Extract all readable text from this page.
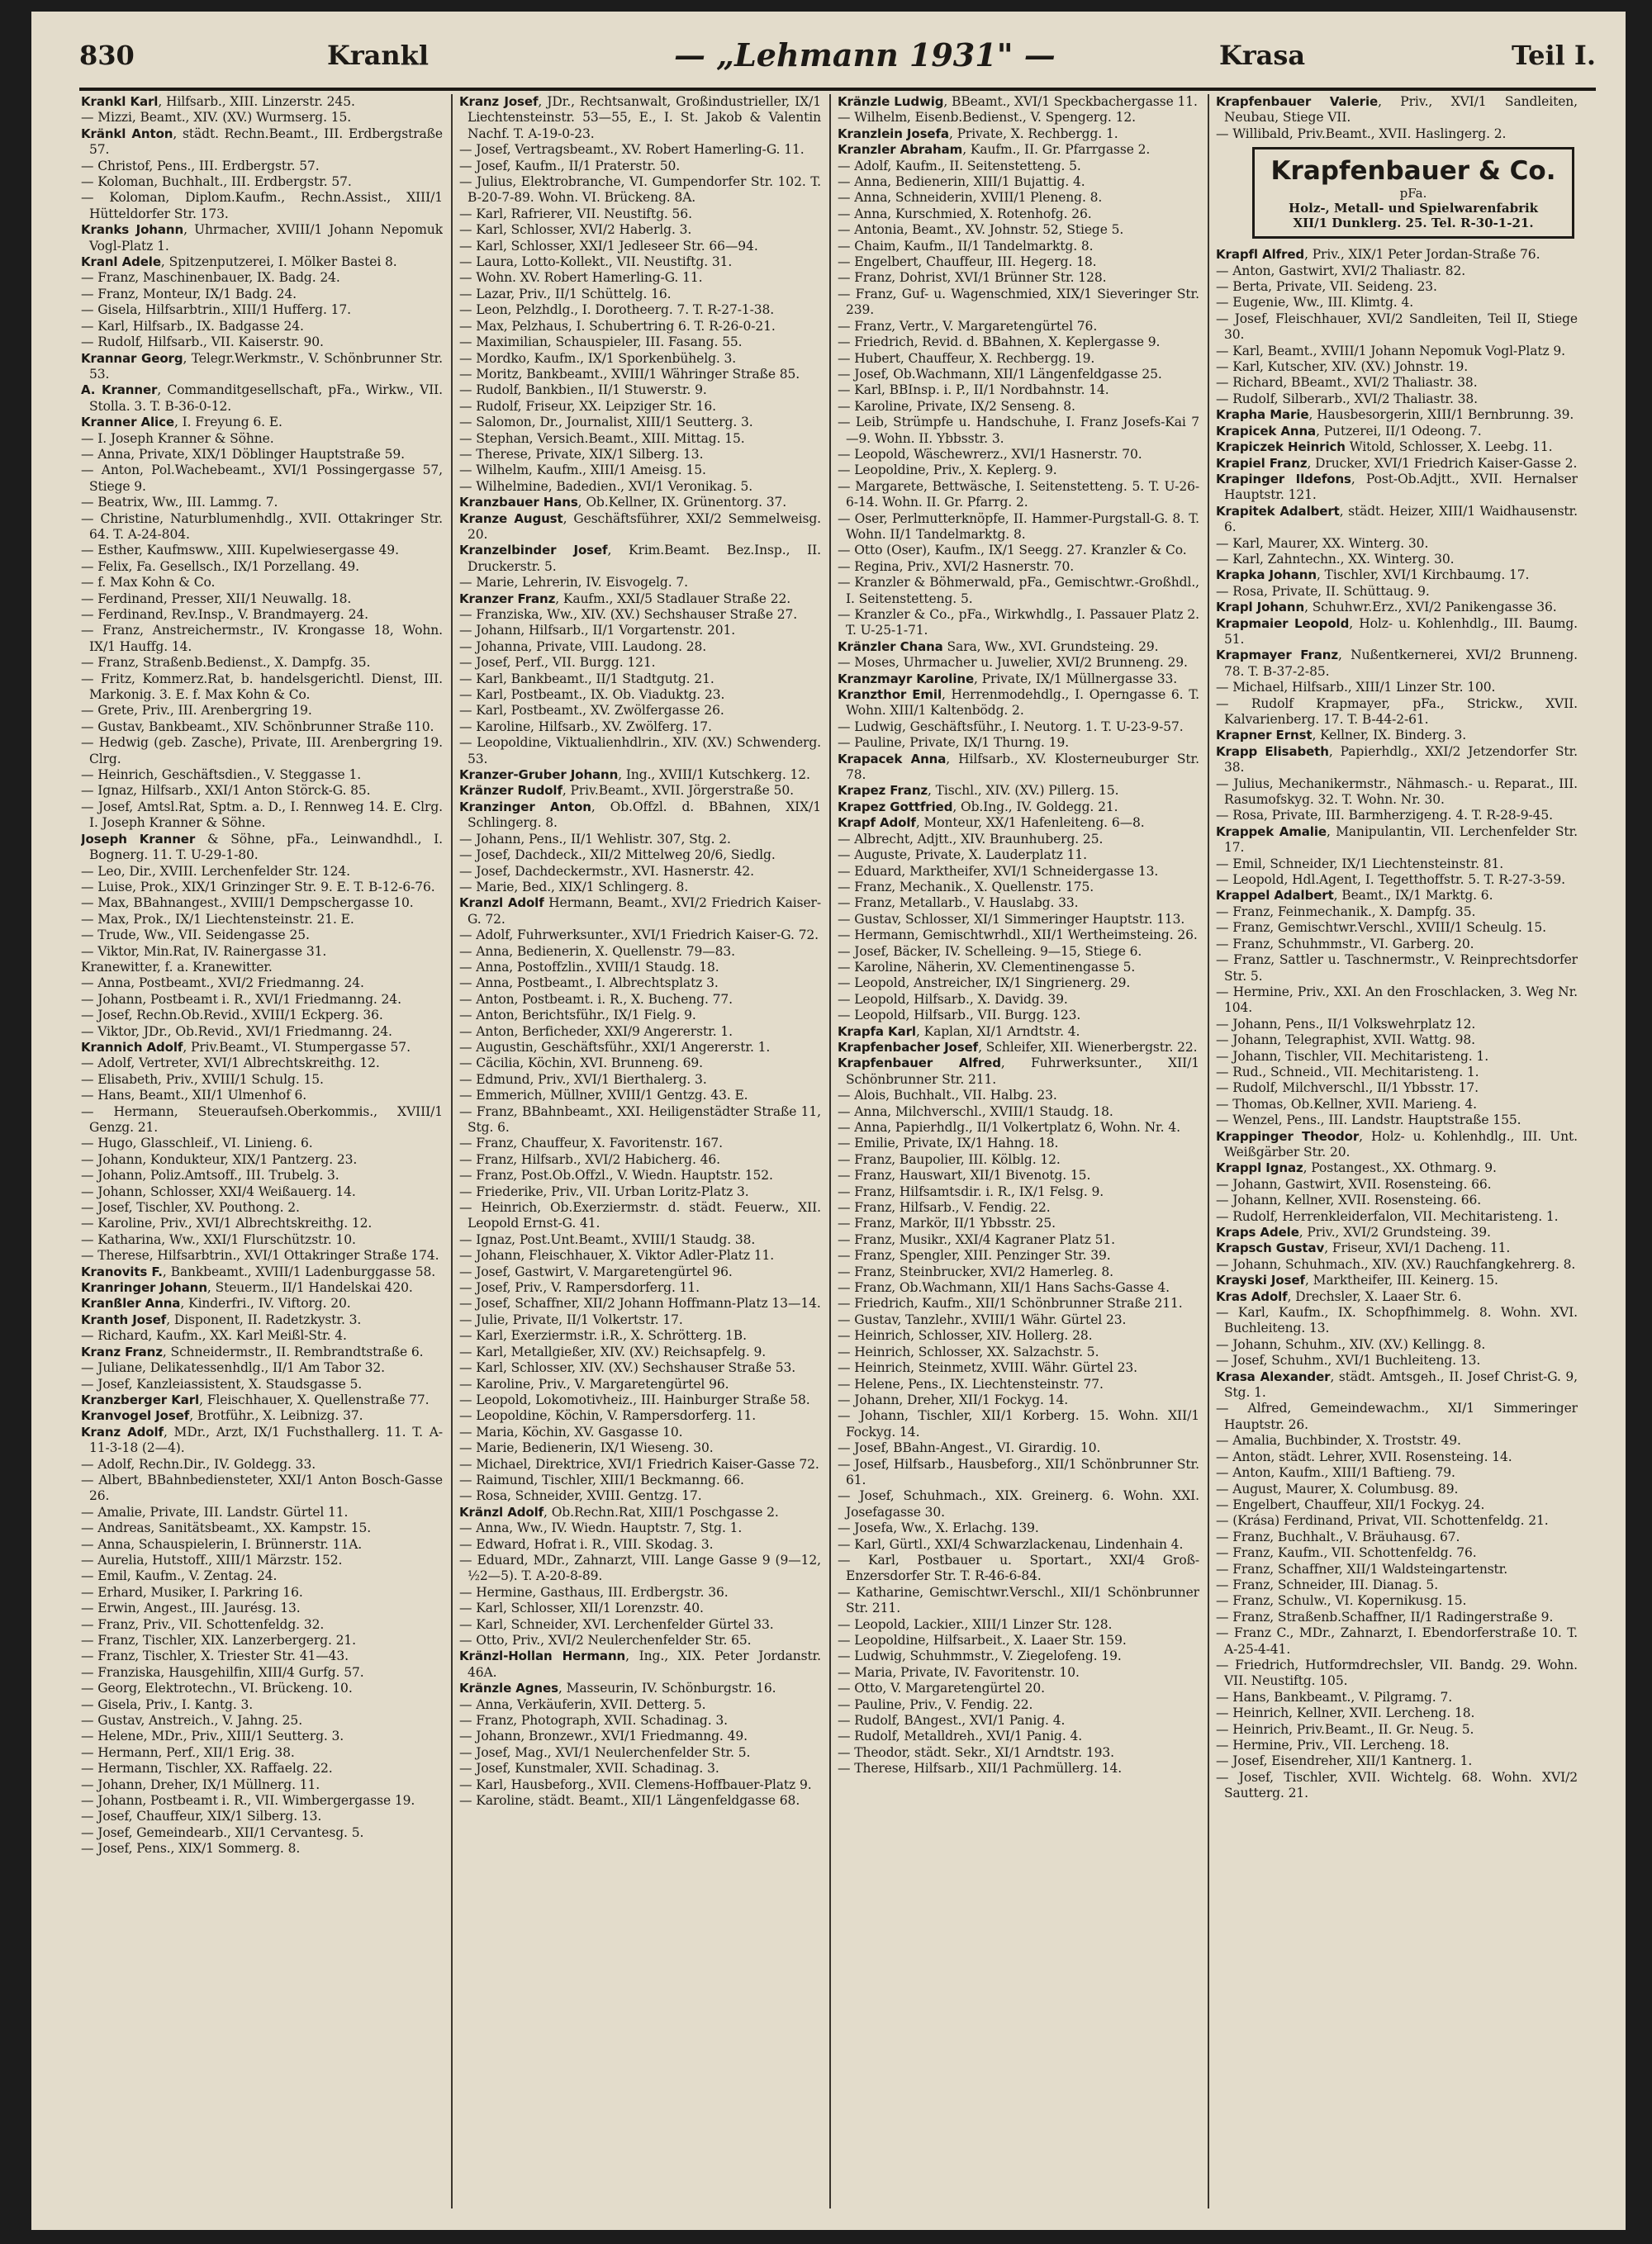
830	Krankl	— „Lehmann 1931" —	Krasa	Teil I.

Krankl Karl, Hilfsarb., XIII. Linzerstr. 245.

— Mizzi, Beamt., XIV. (XV.) Wurmserg. 15.

Kränkl Anton, städt. Rechn.Beamt., III. Erdbergstraße 57.

— Christof, Pens., III. Erdbergstr. 57.

— Koloman, Buchhalt., III. Erdbergstr. 57.

— Koloman, Diplom.Kaufm., Rechn.Assist., XIII/1 Hütteldorfer Str. 173.

Kranks Johann, Uhrmacher, XVIII/1 Johann Nepomuk Vogl-Platz 1.

Kranl Adele, Spitzenputzerei, I. Mölker Bastei 8.

— Franz, Maschinenbauer, IX. Badg. 24.

— Franz, Monteur, IX/1 Badg. 24.

— Gisela, Hilfsarbtrin., XIII/1 Hufferg. 17.

— Karl, Hilfsarb., IX. Badgasse 24.

— Rudolf, Hilfsarb., VII. Kaiserstr. 90.

Krannar Georg, Telegr.Werkmstr., V. Schönbrunner Str. 53.

A. Kranner, Commanditgesellschaft, pFa., Wirkw., VII. Stolla. 3. T. B-36-0-12.

Kranner Alice, I. Freyung 6. E.

— I. Joseph Kranner & Söhne.

— Anna, Private, XIX/1 Döblinger Hauptstraße 59.

— Anton, Pol.Wachebeamt., XVI/1 Possingergasse 57, Stiege 9.

— Beatrix, Ww., III. Lammg. 7.

— Christine, Naturblumenhdlg., XVII. Ottakringer Str. 64. T. A-24-804.

— Esther, Kaufmsww., XIII. Kupelwiesergasse 49.

— Felix, Fa. Gesellsch., IX/1 Porzellang. 49.

— f. Max Kohn & Co.

— Ferdinand, Presser, XII/1 Neuwallg. 18.

— Ferdinand, Rev.Insp., V. Brandmayerg. 24.

— Franz, Anstreichermstr., IV. Krongasse 18, Wohn. IX/1 Hauffg. 14.

— Franz, Straßenb.Bedienst., X. Dampfg. 35.

— Fritz, Kommerz.Rat, b. handelsgerichtl. Dienst, III. Markonig. 3. E. f. Max Kohn & Co.

— Grete, Priv., III. Arenbergring 19.

— Gustav, Bankbeamt., XIV. Schönbrunner Straße 110.

— Hedwig (geb. Zasche), Private, III. Arenbergring 19. Clrg.

— Heinrich, Geschäftsdien., V. Steggasse 1.

— Ignaz, Hilfsarb., XXI/1 Anton Störck-G. 85.

— Josef, Amtsl.Rat, Sptm. a. D., I. Rennweg 14. E. Clrg. I. Joseph Kranner & Söhne.

Joseph Kranner & Söhne, pFa., Leinwandhdl., I. Bognerg. 11. T. U-29-1-80.

— Leo, Dir., XVIII. Lerchenfelder Str. 124.

— Luise, Prok., XIX/1 Grinzinger Str. 9. E. T. B-12-6-76.

— Max, BBahnangest., XVIII/1 Dempschergasse 10.

— Max, Prok., IX/1 Liechtensteinstr. 21. E.

— Trude, Ww., VII. Seidengasse 25.

— Viktor, Min.Rat, IV. Rainergasse 31.

Kranewitter, f. a. Kranewitter.

— Anna, Postbeamt., XVI/2 Friedmanng. 24.

— Johann, Postbeamt i. R., XVI/1 Friedmanng. 24.

— Josef, Rechn.Ob.Revid., XVIII/1 Eckperg. 36.

— Viktor, JDr., Ob.Revid., XVI/1 Friedmanng. 24.

Krannich Adolf, Priv.Beamt., VI. Stumpergasse 57.

— Adolf, Vertreter, XVI/1 Albrechtskreithg. 12.

— Elisabeth, Priv., XVIII/1 Schulg. 15.

— Hans, Beamt., XII/1 Ulmenhof 6.

— Hermann, Steueraufseh.Oberkommis., XVIII/1 Genzg. 21.

— Hugo, Glasschleif., VI. Linieng. 6.

— Johann, Kondukteur, XIX/1 Pantzerg. 23.

— Johann, Poliz.Amtsoff., III. Trubelg. 3.

— Johann, Schlosser, XXI/4 Weißauerg. 14.

— Josef, Tischler, XV. Pouthong. 2.

— Karoline, Priv., XVI/1 Albrechtskreithg. 12.

— Katharina, Ww., XXI/1 Flurschützstr. 10.

— Therese, Hilfsarbtrin., XVI/1 Ottakringer Straße 174.

Kranovits F., Bankbeamt., XVIII/1 Ladenburggasse 58.

Kranringer Johann, Steuerm., II/1 Handelskai 420.

Kranßler Anna, Kinderfri., IV. Viftorg. 20.

Kranth Josef, Disponent, II. Radetzkystr. 3.

— Richard, Kaufm., XX. Karl Meißl-Str. 4.

Kranz Franz, Schneidermstr., II. Rembrandtstraße 6.

— Juliane, Delikatessenhdlg., II/1 Am Tabor 32.

— Josef, Kanzleiassistent, X. Staudsgasse 5.

Kranzberger Karl, Fleischhauer, X. Quellenstraße 77.

Kranvogel Josef, Brotführ., X. Leibnizg. 37.

Kranz Adolf, MDr., Arzt, IX/1 Fuchsthallerg. 11. T. A-11-3-18 (2—4).

— Adolf, Rechn.Dir., IV. Goldegg. 33.

— Albert, BBahnbediensteter, XXI/1 Anton Bosch-Gasse 26.

— Amalie, Private, III. Landstr. Gürtel 11.

— Andreas, Sanitätsbeamt., XX. Kampstr. 15.

— Anna, Schauspielerin, I. Brünnerstr. 11A.

— Aurelia, Hutstoff., XIII/1 Märzstr. 152.

— Emil, Kaufm., V. Zentag. 24.

— Erhard, Musiker, I. Parkring 16.

— Erwin, Angest., III. Jaurésg. 13.

— Franz, Priv., VII. Schottenfeldg. 32.

— Franz, Tischler, XIX. Lanzerbergerg. 21.

— Franz, Tischler, X. Triester Str. 41—43.

— Franziska, Hausgehilfin, XIII/4 Gurfg. 57.

— Georg, Elektrotechn., VI. Brückeng. 10.

— Gisela, Priv., I. Kantg. 3.

— Gustav, Anstreich., V. Jahng. 25.

— Helene, MDr., Priv., XIII/1 Seutterg. 3.

— Hermann, Perf., XII/1 Erig. 38.

— Hermann, Tischler, XX. Raffaelg. 22.

— Johann, Dreher, IX/1 Müllnerg. 11.

— Johann, Postbeamt i. R., VII. Wimbergergasse 19.

— Josef, Chauffeur, XIX/1 Silberg. 13.

— Josef, Gemeindearb., XII/1 Cervantesg. 5.

— Josef, Pens., XIX/1 Sommerg. 8.

Kranz Josef, JDr., Rechtsanwalt, Großindustrieller, IX/1 Liechtensteinstr. 53—55, E., I. St. Jakob & Valentin Nachf. T. A-19-0-23.

— Josef, Vertragsbeamt., XV. Robert Hamerling-G. 11.

— Josef, Kaufm., II/1 Praterstr. 50.

— Julius, Elektrobranche, VI. Gumpendorfer Str. 102. T. B-20-7-89. Wohn. VI. Brückeng. 8A.

— Karl, Rafrierer, VII. Neustiftg. 56.

— Karl, Schlosser, XVI/2 Haberlg. 3.

— Karl, Schlosser, XXI/1 Jedleseer Str. 66—94.

— Laura, Lotto-Kollekt., VII. Neustiftg. 31.

— Wohn. XV. Robert Hamerling-G. 11.

— Lazar, Priv., II/1 Schüttelg. 16.

— Leon, Pelzhdlg., I. Dorotheerg. 7. T. R-27-1-38.

— Max, Pelzhaus, I. Schubertring 6. T. R-26-0-21.

— Maximilian, Schauspieler, III. Fasang. 55.

— Mordko, Kaufm., IX/1 Sporkenbühelg. 3.

— Moritz, Bankbeamt., XVIII/1 Währinger Straße 85.

— Rudolf, Bankbien., II/1 Stuwerstr. 9.

— Rudolf, Friseur, XX. Leipziger Str. 16.

— Salomon, Dr., Journalist, XIII/1 Seutterg. 3.

— Stephan, Versich.Beamt., XIII. Mittag. 15.

— Therese, Private, XIX/1 Silberg. 13.

— Wilhelm, Kaufm., XIII/1 Ameisg. 15.

— Wilhelmine, Badedien., XVI/1 Veronikag. 5.

Kranzbauer Hans, Ob.Kellner, IX. Grünentorg. 37.

Kranze August, Geschäftsführer, XXI/2 Semmelweisg. 20.

Kranzelbinder Josef, Krim.Beamt. Bez.Insp., II. Druckerstr. 5.

— Marie, Lehrerin, IV. Eisvogelg. 7.

Kranzer Franz, Kaufm., XXI/5 Stadlauer Straße 22.

— Franziska, Ww., XIV. (XV.) Sechshauser Straße 27.

— Johann, Hilfsarb., II/1 Vorgartenstr. 201.

— Johanna, Private, VIII. Laudong. 28.

— Josef, Perf., VII. Burgg. 121.

— Karl, Bankbeamt., II/1 Stadtgutg. 21.

— Karl, Postbeamt., IX. Ob. Viaduktg. 23.

— Karl, Postbeamt., XV. Zwölfergasse 26.

— Karoline, Hilfsarb., XV. Zwölferg. 17.

— Leopoldine, Viktualienhdlrin., XIV. (XV.) Schwenderg. 53.

Kranzer-Gruber Johann, Ing., XVIII/1 Kutschkerg. 12.

Kränzer Rudolf, Priv.Beamt., XVII. Jörgerstraße 50.

Kranzinger Anton, Ob.Offzl. d. BBahnen, XIX/1 Schlingerg. 8.

— Johann, Pens., II/1 Wehlistr. 307, Stg. 2.

— Josef, Dachdeck., XII/2 Mittelweg 20/6, Siedlg.

— Josef, Dachdeckermstr., XVI. Hasnerstr. 42.

— Marie, Bed., XIX/1 Schlingerg. 8.

Kranzl Adolf Hermann, Beamt., XVI/2 Friedrich Kaiser-G. 72.

— Adolf, Fuhrwerksunter., XVI/1 Friedrich Kaiser-G. 72.

— Anna, Bedienerin, X. Quellenstr. 79—83.

— Anna, Postoffzlin., XVIII/1 Staudg. 18.

— Anna, Postbeamt., I. Albrechtsplatz 3.

— Anton, Postbeamt. i. R., X. Bucheng. 77.

— Anton, Berichtsführ., IX/1 Fielg. 9.

— Anton, Berficheder, XXI/9 Angererstr. 1.

— Augustin, Geschäftsführ., XXI/1 Angererstr. 1.

— Cäcilia, Köchin, XVI. Brunneng. 69.

— Edmund, Priv., XVI/1 Bierthalerg. 3.

— Emmerich, Müllner, XVIII/1 Gentzg. 43. E.

— Franz, BBahnbeamt., XXI. Heiligenstädter Straße 11, Stg. 6.

— Franz, Chauffeur, X. Favoritenstr. 167.

— Franz, Hilfsarb., XVI/2 Habicherg. 46.

— Franz, Post.Ob.Offzl., V. Wiedn. Hauptstr. 152.

— Friederike, Priv., VII. Urban Loritz-Platz 3.

— Heinrich, Ob.Exerziermstr. d. städt. Feuerw., XII. Leopold Ernst-G. 41.

— Ignaz, Post.Unt.Beamt., XVIII/1 Staudg. 38.

— Johann, Fleischhauer, X. Viktor Adler-Platz 11.

— Josef, Gastwirt, V. Margaretengürtel 96.

— Josef, Priv., V. Rampersdorferg. 11.

— Josef, Schaffner, XII/2 Johann Hoffmann-Platz 13—14.

— Julie, Private, II/1 Volkertstr. 17.

— Karl, Exerziermstr. i.R., X. Schrötterg. 1B.

— Karl, Metallgießer, XIV. (XV.) Reichsapfelg. 9.

— Karl, Schlosser, XIV. (XV.) Sechshauser Straße 53.

— Karoline, Priv., V. Margaretengürtel 96.

— Leopold, Lokomotivheiz., III. Hainburger Straße 58.

— Leopoldine, Köchin, V. Rampersdorferg. 11.

— Maria, Köchin, XV. Gasgasse 10.

— Marie, Bedienerin, IX/1 Wieseng. 30.

— Michael, Direktrice, XVI/1 Friedrich Kaiser-Gasse 72.

— Raimund, Tischler, XIII/1 Beckmanng. 66.

— Rosa, Schneider, XVIII. Gentzg. 17.

Kränzl Adolf, Ob.Rechn.Rat, XIII/1 Poschgasse 2.

— Anna, Ww., IV. Wiedn. Hauptstr. 7, Stg. 1.

— Edward, Hofrat i. R., VIII. Skodag. 3.

— Eduard, MDr., Zahnarzt, VIII. Lange Gasse 9 (9—12, ½2—5). T. A-20-8-89.

— Hermine, Gasthaus, III. Erdbergstr. 36.

— Karl, Schlosser, XII/1 Lorenzstr. 40.

— Karl, Schneider, XVI. Lerchenfelder Gürtel 33.

— Otto, Priv., XVI/2 Neulerchenfelder Str. 65.

Kränzl-Hollan Hermann, Ing., XIX. Peter Jordanstr. 46A.

Kränzle Agnes, Masseurin, IV. Schönburgstr. 16.

— Anna, Verkäuferin, XVII. Detterg. 5.

— Franz, Photograph, XVII. Schadinag. 3.

— Johann, Bronzewr., XVI/1 Friedmanng. 49.

— Josef, Mag., XVI/1 Neulerchenfelder Str. 5.

— Josef, Kunstmaler, XVII. Schadinag. 3.

— Karl, Hausbeforg., XVII. Clemens-Hoffbauer-Platz 9.

— Karoline, städt. Beamt., XII/1 Längenfeldgasse 68.

Kränzle Ludwig, BBeamt., XVI/1 Speckbachergasse 11.

— Wilhelm, Eisenb.Bedienst., V. Spengerg. 12.

Kranzlein Josefa, Private, X. Rechbergg. 1.

Kranzler Abraham, Kaufm., II. Gr. Pfarrgasse 2.

— Adolf, Kaufm., II. Seitenstetteng. 5.

— Anna, Bedienerin, XIII/1 Bujattig. 4.

— Anna, Schneiderin, XVIII/1 Pleneng. 8.

— Anna, Kurschmied, X. Rotenhofg. 26.

— Antonia, Beamt., XV. Johnstr. 52, Stiege 5.

— Chaim, Kaufm., II/1 Tandelmarktg. 8.

— Engelbert, Chauffeur, III. Hegerg. 18.

— Franz, Dohrist, XVI/1 Brünner Str. 128.

— Franz, Guf- u. Wagenschmied, XIX/1 Sieveringer Str. 239.

— Franz, Vertr., V. Margaretengürtel 76.

— Friedrich, Revid. d. BBahnen, X. Keplergasse 9.

— Hubert, Chauffeur, X. Rechbergg. 19.

— Josef, Ob.Wachmann, XII/1 Längenfeldgasse 25.

— Karl, BBInsp. i. P., II/1 Nordbahnstr. 14.

— Karoline, Private, IX/2 Senseng. 8.

— Leib, Strümpfe u. Handschuhe, I. Franz Josefs-Kai 7—9. Wohn. II. Ybbsstr. 3.

— Leopold, Wäschewrerz., XVI/1 Hasnerstr. 70.

— Leopoldine, Priv., X. Keplerg. 9.

— Margarete, Bettwäsche, I. Seitenstetteng. 5. T. U-26-6-14. Wohn. II. Gr. Pfarrg. 2.

— Oser, Perlmutterknöpfe, II. Hammer-Purgstall-G. 8. T. Wohn. II/1 Tandelmarktg. 8.

— Otto (Oser), Kaufm., IX/1 Seegg. 27. Kranzler & Co.

— Regina, Priv., XVI/2 Hasnerstr. 70.

— Kranzler & Böhmerwald, pFa., Gemischtwr.-Großhdl., I. Seitenstetteng. 5.

— Kranzler & Co., pFa., Wirkwhdlg., I. Passauer Platz 2. T. U-25-1-71.

Kränzler Chana Sara, Ww., XVI. Grundsteing. 29.

— Moses, Uhrmacher u. Juwelier, XVI/2 Brunneng. 29.

Kranzmayr Karoline, Private, IX/1 Müllnergasse 33.

Kranzthor Emil, Herrenmodehdlg., I. Operngasse 6. T. Wohn. XIII/1 Kaltenbödg. 2.

— Ludwig, Geschäftsführ., I. Neutorg. 1. T. U-23-9-57.

— Pauline, Private, IX/1 Thurng. 19.

Krapacek Anna, Hilfsarb., XV. Klosterneuburger Str. 78.

Krapez Franz, Tischl., XIV. (XV.) Pillerg. 15.

Krapez Gottfried, Ob.Ing., IV. Goldegg. 21.

Krapf Adolf, Monteur, XX/1 Hafenleiteng. 6—8.

— Albrecht, Adjtt., XIV. Braunhuberg. 25.

— Auguste, Private, X. Lauderplatz 11.

— Eduard, Marktheifer, XVI/1 Schneidergasse 13.

— Franz, Mechanik., X. Quellenstr. 175.

— Franz, Metallarb., V. Hauslabg. 33.

— Gustav, Schlosser, XI/1 Simmeringer Hauptstr. 113.

— Hermann, Gemischtwrhdl., XII/1 Wertheimsteing. 26.

— Josef, Bäcker, IV. Schelleing. 9—15, Stiege 6.

— Karoline, Näherin, XV. Clementinengasse 5.

— Leopold, Anstreicher, IX/1 Singrienerg. 29.

— Leopold, Hilfsarb., X. Davidg. 39.

— Leopold, Hilfsarb., VII. Burgg. 123.

Krapfa Karl, Kaplan, XI/1 Arndtstr. 4.

Krapfenbacher Josef, Schleifer, XII. Wienerbergstr. 22.

Krapfenbauer Alfred, Fuhrwerksunter., XII/1 Schönbrunner Str. 211.

— Alois, Buchhalt., VII. Halbg. 23.

— Anna, Milchverschl., XVIII/1 Staudg. 18.

— Anna, Papierhdlg., II/1 Volkertplatz 6, Wohn. Nr. 4.

— Emilie, Private, IX/1 Hahng. 18.

— Franz, Baupolier, III. Kölblg. 12.

— Franz, Hauswart, XII/1 Bivenotg. 15.

— Franz, Hilfsamtsdir. i. R., IX/1 Felsg. 9.

— Franz, Hilfsarb., V. Fendig. 22.

— Franz, Markör, II/1 Ybbsstr. 25.

— Franz, Musikr., XXI/4 Kagraner Platz 51.

— Franz, Spengler, XIII. Penzinger Str. 39.

— Franz, Steinbrucker, XVI/2 Hamerleg. 8.

— Franz, Ob.Wachmann, XII/1 Hans Sachs-Gasse 4.

— Friedrich, Kaufm., XII/1 Schönbrunner Straße 211.

— Gustav, Tanzlehr., XVIII/1 Währ. Gürtel 23.

— Heinrich, Schlosser, XIV. Hollerg. 28.

— Heinrich, Schlosser, XX. Salzachstr. 5.

— Heinrich, Steinmetz, XVIII. Währ. Gürtel 23.

— Helene, Pens., IX. Liechtensteinstr. 77.

— Johann, Dreher, XII/1 Fockyg. 14.

— Johann, Tischler, XII/1 Korberg. 15. Wohn. XII/1 Fockyg. 14.

— Josef, BBahn-Angest., VI. Girardig. 10.

— Josef, Hilfsarb., Hausbeforg., XII/1 Schönbrunner Str. 61.

— Josef, Schuhmach., XIX. Greinerg. 6. Wohn. XXI. Josefagasse 30.

— Josefa, Ww., X. Erlachg. 139.

— Karl, Gürtl., XXI/4 Schwarzlackenau, Lindenhain 4.

— Karl, Postbauer u. Sportart., XXI/4 Groß-Enzersdorfer Str. T. R-46-6-84.

— Katharine, Gemischtwr.Verschl., XII/1 Schönbrunner Str. 211.

— Leopold, Lackier., XIII/1 Linzer Str. 128.

— Leopoldine, Hilfsarbeit., X. Laaer Str. 159.

— Ludwig, Schuhmmstr., V. Ziegelofeng. 19.

— Maria, Private, IV. Favoritenstr. 10.

— Otto, V. Margaretengürtel 20.

— Pauline, Priv., V. Fendig. 22.

— Rudolf, BAngest., XVI/1 Panig. 4.

— Rudolf, Metalldreh., XVI/1 Panig. 4.

— Theodor, städt. Sekr., XI/1 Arndtstr. 193.

— Therese, Hilfsarb., XII/1 Pachmüllerg. 14.

Krapfenbauer Valerie, Priv., XVI/1 Sandleiten, Neubau, Stiege VII.

— Willibald, Priv.Beamt., XVII. Haslingerg. 2.

Krapfenbauer & Co.
pFa.
Holz-, Metall- und Spielwarenfabrik
XII/1 Dunklerg. 25. Tel. R-30-1-21.

Krapfl Alfred, Priv., XIX/1 Peter Jordan-Straße 76.

— Anton, Gastwirt, XVI/2 Thaliastr. 82.

— Berta, Private, VII. Seideng. 23.

— Eugenie, Ww., III. Klimtg. 4.

— Josef, Fleischhauer, XVI/2 Sandleiten, Teil II, Stiege 30.

— Karl, Beamt., XVIII/1 Johann Nepomuk Vogl-Platz 9.

— Karl, Kutscher, XIV. (XV.) Johnstr. 19.

— Richard, BBeamt., XVI/2 Thaliastr. 38.

— Rudolf, Silberarb., XVI/2 Thaliastr. 38.

Krapha Marie, Hausbesorgerin, XIII/1 Bernbrunng. 39.

Krapicek Anna, Putzerei, II/1 Odeong. 7.

Krapiczek Heinrich Witold, Schlosser, X. Leebg. 11.

Krapiel Franz, Drucker, XVI/1 Friedrich Kaiser-Gasse 2.

Krapinger Ildefons, Post-Ob.Adjtt., XVII. Hernalser Hauptstr. 121.

Krapitek Adalbert, städt. Heizer, XIII/1 Waidhausenstr. 6.

— Karl, Maurer, XX. Winterg. 30.

— Karl, Zahntechn., XX. Winterg. 30.

Krapka Johann, Tischler, XVI/1 Kirchbaumg. 17.

— Rosa, Private, II. Schüttaug. 9.

Krapl Johann, Schuhwr.Erz., XVI/2 Panikengasse 36.

Krapmaier Leopold, Holz- u. Kohlenhdlg., III. Baumg. 51.

Krapmayer Franz, Nußentkernerei, XVI/2 Brunneng. 78. T. B-37-2-85.

— Michael, Hilfsarb., XIII/1 Linzer Str. 100.

— Rudolf Krapmayer, pFa., Strickw., XVII. Kalvarienberg. 17. T. B-44-2-61.

Krapner Ernst, Kellner, IX. Binderg. 3.

Krapp Elisabeth, Papierhdlg., XXI/2 Jetzendorfer Str. 38.

— Julius, Mechanikermstr., Nähmasch.- u. Reparat., III. Rasumofskyg. 32. T. Wohn. Nr. 30.

— Rosa, Private, III. Barmherzigeng. 4. T. R-28-9-45.

Krappek Amalie, Manipulantin, VII. Lerchenfelder Str. 17.

— Emil, Schneider, IX/1 Liechtensteinstr. 81.

— Leopold, Hdl.Agent, I. Tegetthoffstr. 5. T. R-27-3-59.

Krappel Adalbert, Beamt., IX/1 Marktg. 6.

— Franz, Feinmechanik., X. Dampfg. 35.

— Franz, Gemischtwr.Verschl., XVIII/1 Scheulg. 15.

— Franz, Schuhmmstr., VI. Garberg. 20.

— Franz, Sattler u. Taschnermstr., V. Reinprechtsdorfer Str. 5.

— Hermine, Priv., XXI. An den Froschlacken, 3. Weg Nr. 104.

— Johann, Pens., II/1 Volkswehrplatz 12.

— Johann, Telegraphist, XVII. Wattg. 98.

— Johann, Tischler, VII. Mechitaristeng. 1.

— Rud., Schneid., VII. Mechitaristeng. 1.

— Rudolf, Milchverschl., II/1 Ybbsstr. 17.

— Thomas, Ob.Kellner, XVII. Marieng. 4.

— Wenzel, Pens., III. Landstr. Hauptstraße 155.

Krappinger Theodor, Holz- u. Kohlenhdlg., III. Unt. Weißgärber Str. 20.

Krappl Ignaz, Postangest., XX. Othmarg. 9.

— Johann, Gastwirt, XVII. Rosensteing. 66.

— Johann, Kellner, XVII. Rosensteing. 66.

— Rudolf, Herrenkleiderfalon, VII. Mechitaristeng. 1.

Kraps Adele, Priv., XVI/2 Grundsteing. 39.

Krapsch Gustav, Friseur, XVI/1 Dacheng. 11.

— Johann, Schuhmach., XIV. (XV.) Rauchfangkehrerg. 8.

Krayski Josef, Marktheifer, III. Keinerg. 15.

Kras Adolf, Drechsler, X. Laaer Str. 6.

— Karl, Kaufm., IX. Schopfhimmelg. 8. Wohn. XVI. Buchleiteng. 13.

— Johann, Schuhm., XIV. (XV.) Kellingg. 8.

— Josef, Schuhm., XVI/1 Buchleiteng. 13.

Krasa Alexander, städt. Amtsgeh., II. Josef Christ-G. 9, Stg. 1.

— Alfred, Gemeindewachm., XI/1 Simmeringer Hauptstr. 26.

— Amalia, Buchbinder, X. Troststr. 49.

— Anton, städt. Lehrer, XVII. Rosensteing. 14.

— Anton, Kaufm., XIII/1 Baftieng. 79.

— August, Maurer, X. Columbusg. 89.

— Engelbert, Chauffeur, XII/1 Fockyg. 24.

— (Krása) Ferdinand, Privat, VII. Schottenfeldg. 21.

— Franz, Buchhalt., V. Bräuhausg. 67.

— Franz, Kaufm., VII. Schottenfeldg. 76.

— Franz, Schaffner, XII/1 Waldsteingartenstr.

— Franz, Schneider, III. Dianag. 5.

— Franz, Schulw., VI. Kopernikusg. 15.

— Franz, Straßenb.Schaffner, II/1 Radingerstraße 9.

— Franz C., MDr., Zahnarzt, I. Ebendorferstraße 10. T. A-25-4-41.

— Friedrich, Hutformdrechsler, VII. Bandg. 29. Wohn. VII. Neustiftg. 105.

— Hans, Bankbeamt., V. Pilgramg. 7.

— Heinrich, Kellner, XVII. Lercheng. 18.

— Heinrich, Priv.Beamt., II. Gr. Neug. 5.

— Hermine, Priv., VII. Lercheng. 18.

— Josef, Eisendreher, XII/1 Kantnerg. 1.

— Josef, Tischler, XVII. Wichtelg. 68. Wohn. XVI/2 Sautterg. 21.
